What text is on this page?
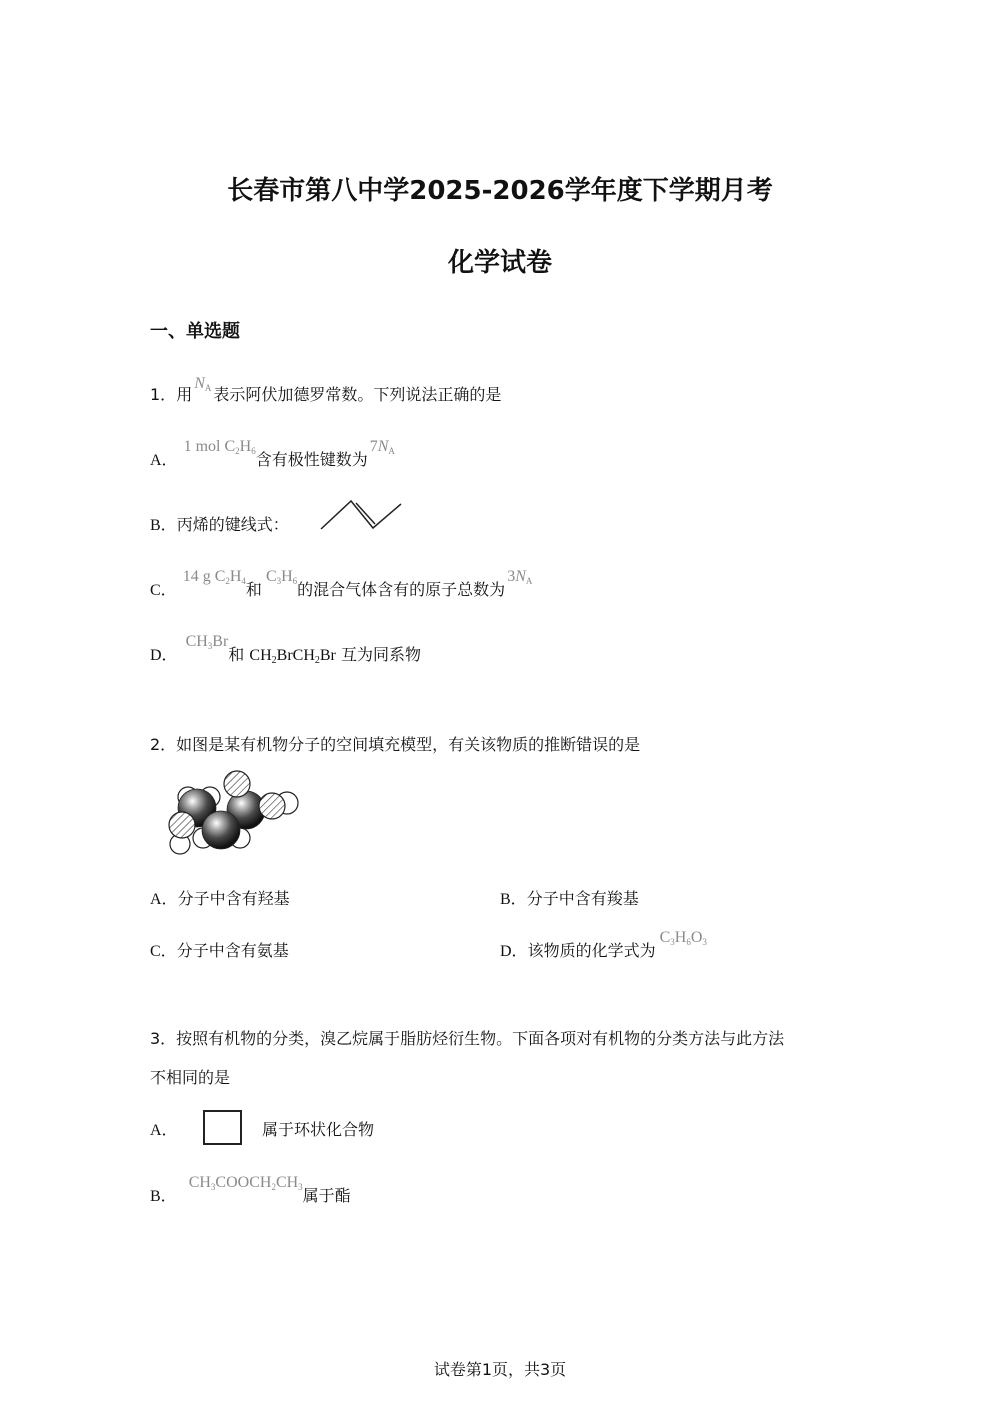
长春市第八中学2025-2026学年度下学期月考
化学试卷
一、单选题
1．用$N_A$ 表示阿伏加德罗常数。下列说法正确的是
A．1 mol $C_2H_6$含有极性键数为$7N_A$
B．丙烯的键线式：
C．14 g $C_2H_4$和$C_3H_6$的混合气体含有的原子总数为$3N_A$
D．$CH_3Br$和 $CH_2BrCH_2Br$ 互为同系物
2．如图是某有机物分子的空间填充模型，有关该物质的推断错误的是
A．分子中含有羟基	B．分子中含有羧基
C．分子中含有氨基	D．该物质的化学式为$C_3H_6O_3$
3．按照有机物的分类，溴乙烷属于脂肪烃衍生物。下面各项对有机物的分类方法与此方法
不相同的是
A．	属于环状化合物
B．$CH_3COOCH_2CH_3$属于酯
试卷第1页，共3页
